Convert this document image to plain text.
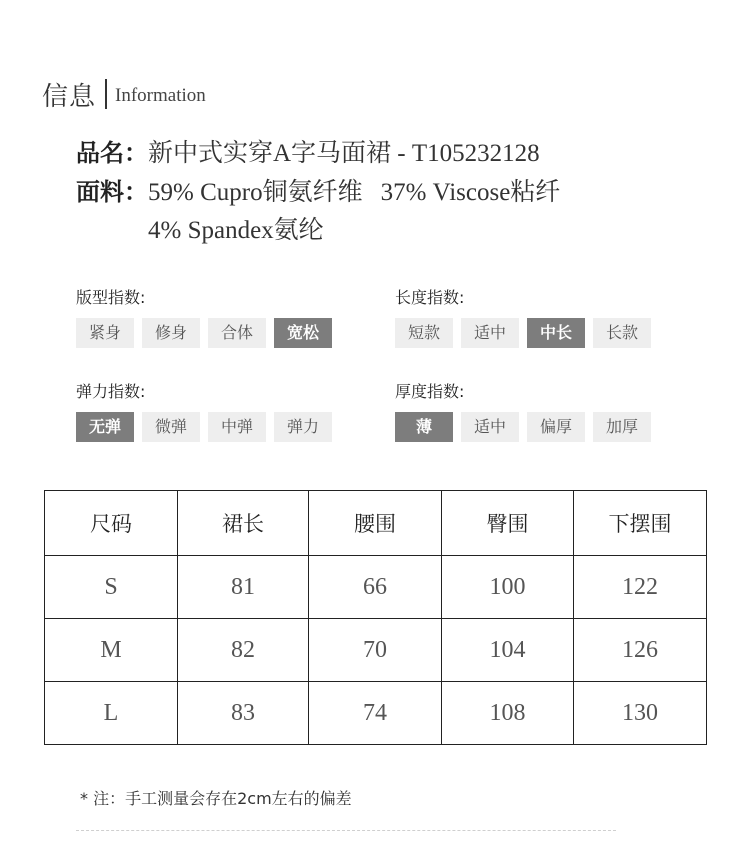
信息 Information
品名：新中式实穿A字马面裙 - T105232128
面料：59% Cupro铜氨纤维 37% Viscose粘纤
4% Spandex氨纶
版型指数:
紧身	修身	合体	宽松
长度指数:
短款	适中	中长	长款
弹力指数:
无弹	微弹	中弹	弹力
厚度指数:
薄	适中	偏厚	加厚
尺码	裙长	腰围	臀围	下摆围
S	81	66	100	122
M	82	70	104	126
L	83	74	108	130
* 注：手工测量会存在2cm左右的偏差
